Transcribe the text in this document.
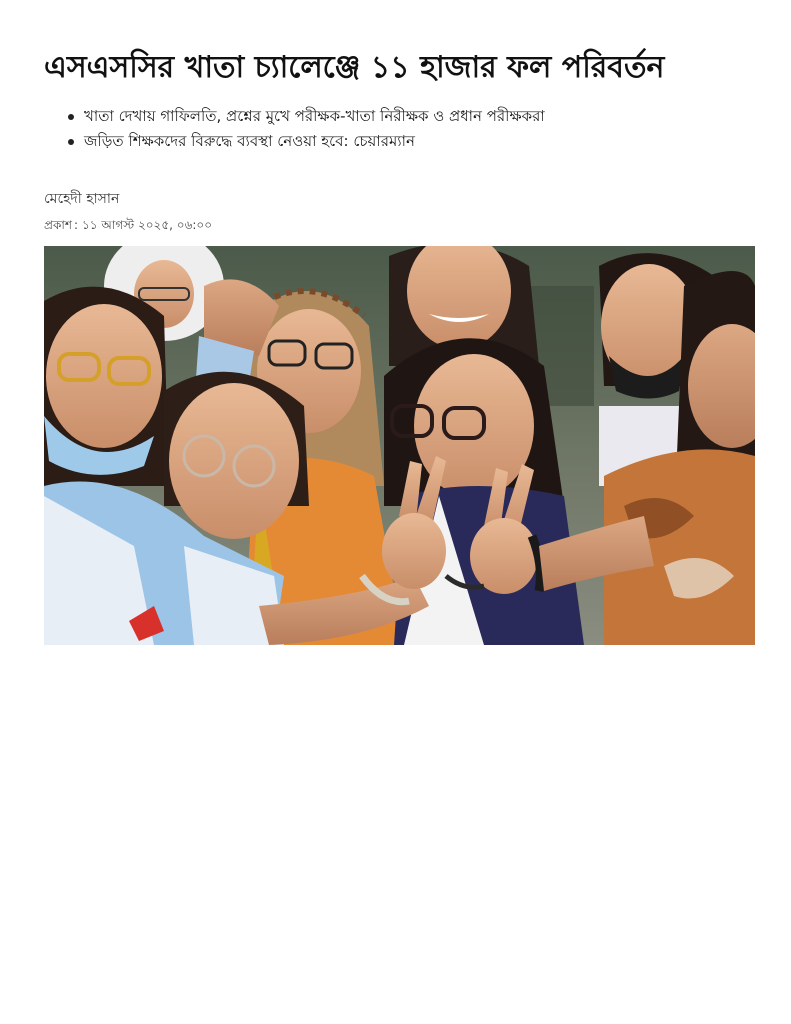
এসএসসির খাতা চ্যালেঞ্জে ১১ হাজার ফল পরিবর্তন
খাতা দেখায় গাফিলতি, প্রশ্নের মুখে পরীক্ষক-খাতা নিরীক্ষক ও প্রধান পরীক্ষকরা
জড়িত শিক্ষকদের বিরুদ্ধে ব্যবস্থা নেওয়া হবে: চেয়ারম্যান
মেহেদী হাসান
প্রকাশ : ১১ আগস্ট ২০২৫, ০৬:০০
